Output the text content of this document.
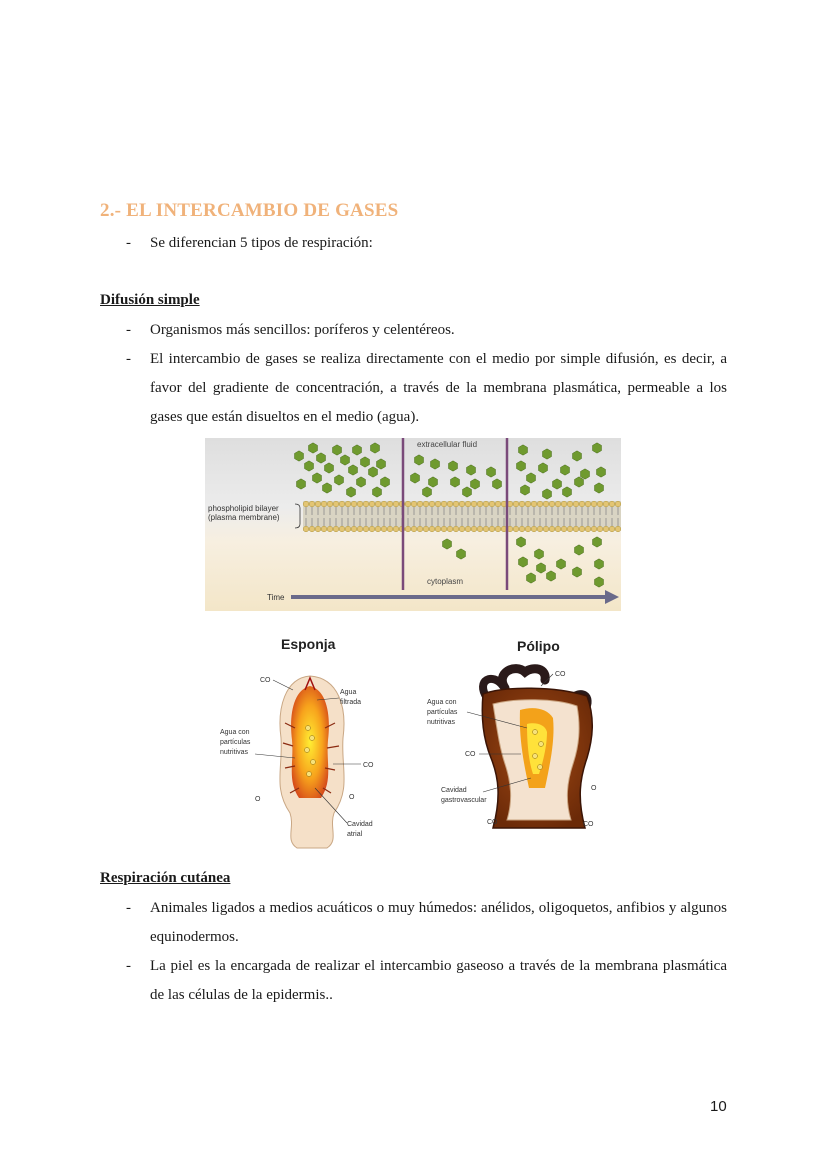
2.- EL INTERCAMBIO DE GASES
- Se diferencian 5 tipos de respiración:
Difusión simple
- Organismos más sencillos: poríferos y celentéreos.
- El intercambio de gases se realiza directamente con el medio por simple difusión, es decir, a favor del gradiente de concentración, a través de la membrana plasmática, permeable a los gases que están disueltos en el medio (agua).
extracellular fluid
phospholipid bilayer
(plasma membrane)
cytoplasm
Time
Esponja
CO
Agua
filtrada
Agua con
partículas
nutritivas
CO
O	O
Cavidad
atrial
Pólipo
CO
Agua con
partículas
nutritivas
CO
O
Cavidad
gastrovascular
CO	CO
Respiración cutánea
- Animales ligados a medios acuáticos o muy húmedos: anélidos, oligoquetos, anfibios y algunos equinodermos.
- La piel es la encargada de realizar el intercambio gaseoso a través de la membrana plasmática de las células de la epidermis..
10
